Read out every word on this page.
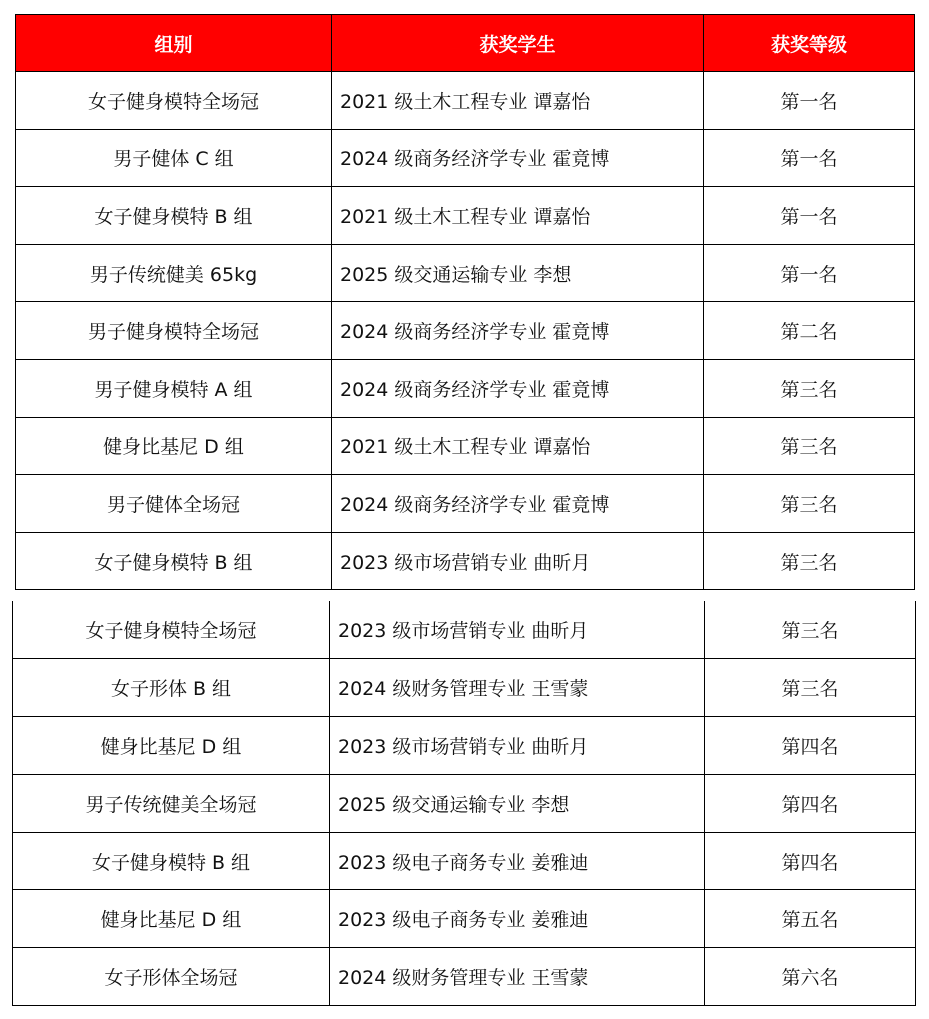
组别	获奖学生	获奖等级
女子健身模特全场冠	2021 级土木工程专业 谭嘉怡	第一名
男子健体 C 组	2024 级商务经济学专业 霍竟博	第一名
女子健身模特 B 组	2021 级土木工程专业 谭嘉怡	第一名
男子传统健美 65kg	2025 级交通运输专业 李想	第一名
男子健身模特全场冠	2024 级商务经济学专业 霍竟博	第二名
男子健身模特 A 组	2024 级商务经济学专业 霍竟博	第三名
健身比基尼 D 组	2021 级土木工程专业 谭嘉怡	第三名
男子健体全场冠	2024 级商务经济学专业 霍竟博	第三名
女子健身模特 B 组	2023 级市场营销专业 曲昕月	第三名
女子健身模特全场冠	2023 级市场营销专业 曲昕月	第三名
女子形体 B 组	2024 级财务管理专业 王雪蒙	第三名
健身比基尼 D 组	2023 级市场营销专业 曲昕月	第四名
男子传统健美全场冠	2025 级交通运输专业 李想	第四名
女子健身模特 B 组	2023 级电子商务专业 姜雅迪	第四名
健身比基尼 D 组	2023 级电子商务专业 姜雅迪	第五名
女子形体全场冠	2024 级财务管理专业 王雪蒙	第六名
